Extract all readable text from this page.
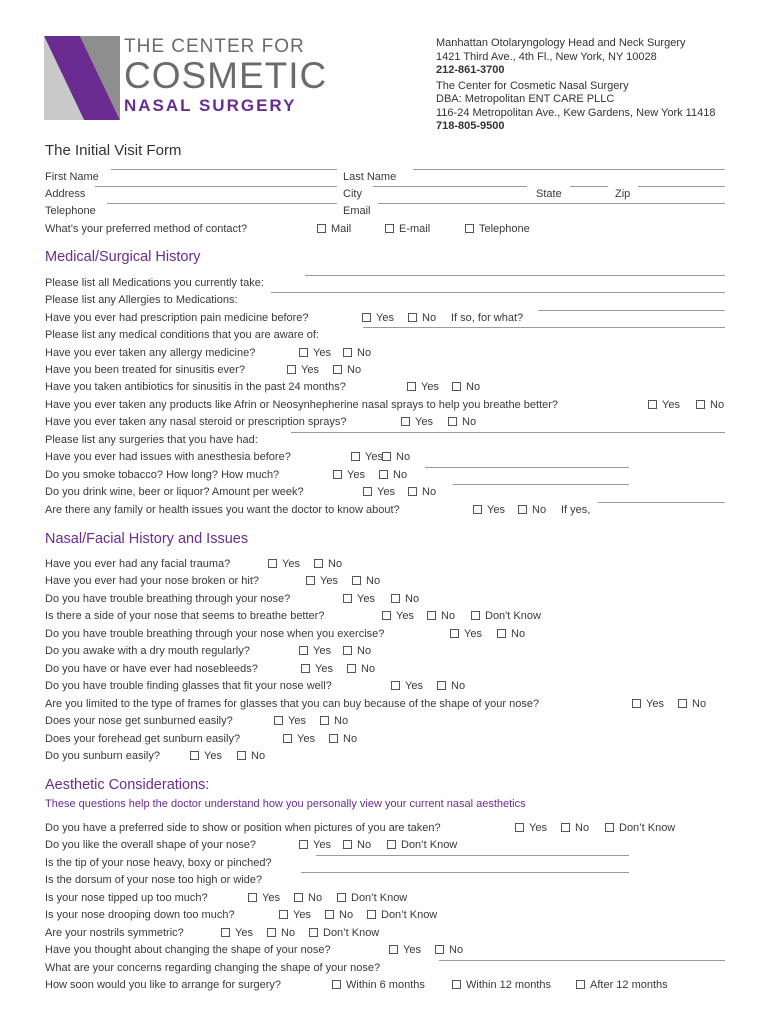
THE CENTER FOR
COSMETIC
NASAL SURGERY
Manhattan Otolaryngology Head and Neck Surgery
1421 Third Ave., 4th Fl., New York, NY 10028
212-861-3700
The Center for Cosmetic Nasal Surgery
DBA: Metropolitan ENT CARE PLLC
116-24 Metropolitan Ave., Kew Gardens, New York 11418
718-805-9500
The Initial Visit Form
First Name	Last Name
Address	City	State	Zip
Telephone	Email
What’s your preferred method of contact?	Mail	E-mail	Telephone
Medical/Surgical History
Please list all Medications you currently take:
Please list any Allergies to Medications:
Have you ever had prescription pain medicine before?	Yes	No If so, for what?
Please list any medical conditions that you are aware of:
Have you ever taken any allergy medicine?	Yes	No
Have you been treated for sinusitis ever?	Yes	No
Have you taken antibiotics for sinusitis in the past 24 months?	Yes	No
Have you ever taken any products like Afrin or Neosynhepherine nasal sprays to help you breathe better?	Yes	No
Have you ever taken any nasal steroid or prescription sprays?	Yes	No
Please list any surgeries that you have had:
Have you ever had issues with anesthesia before?	Yes	No
Do you smoke tobacco? How long? How much?	Yes	No
Do you drink wine, beer or liquor? Amount per week?	Yes	No
Are there any family or health issues you want the doctor to know about?	Yes	No If yes,
Nasal/Facial History and Issues
Have you ever had any facial trauma?	Yes	No
Have you ever had your nose broken or hit?	Yes	No
Do you have trouble breathing through your nose?	Yes	No
Is there a side of your nose that seems to breathe better?	Yes	No	Don't Know
Do you have trouble breathing through your nose when you exercise?	Yes	No
Do you awake with a dry mouth regularly?	Yes	No
Do you have or have ever had nosebleeds?	Yes	No
Do you have trouble finding glasses that fit your nose well?	Yes	No
Are you limited to the type of frames for glasses that you can buy because of the shape of your nose?	Yes	No
Does your nose get sunburned easily?	Yes	No
Does your forehead get sunburn easily?	Yes	No
Do you sunburn easily?	Yes	No
Aesthetic Considerations:
These questions help the doctor understand how you personally view your current nasal aesthetics
Do you have a preferred side to show or position when pictures of you are taken?	Yes	No	Don’t Know
Do you like the overall shape of your nose?	Yes	No	Don’t Know
Is the tip of your nose heavy, boxy or pinched?
Is the dorsum of your nose too high or wide?
Is your nose tipped up too much?	Yes	No	Don’t Know
Is your nose drooping down too much?	Yes	No	Don’t Know
Are your nostrils symmetric?	Yes	No	Don’t Know
Have you thought about changing the shape of your nose?	Yes	No
What are your concerns regarding changing the shape of your nose?
How soon would you like to arrange for surgery?	Within 6 months	Within 12 months	After 12 months
